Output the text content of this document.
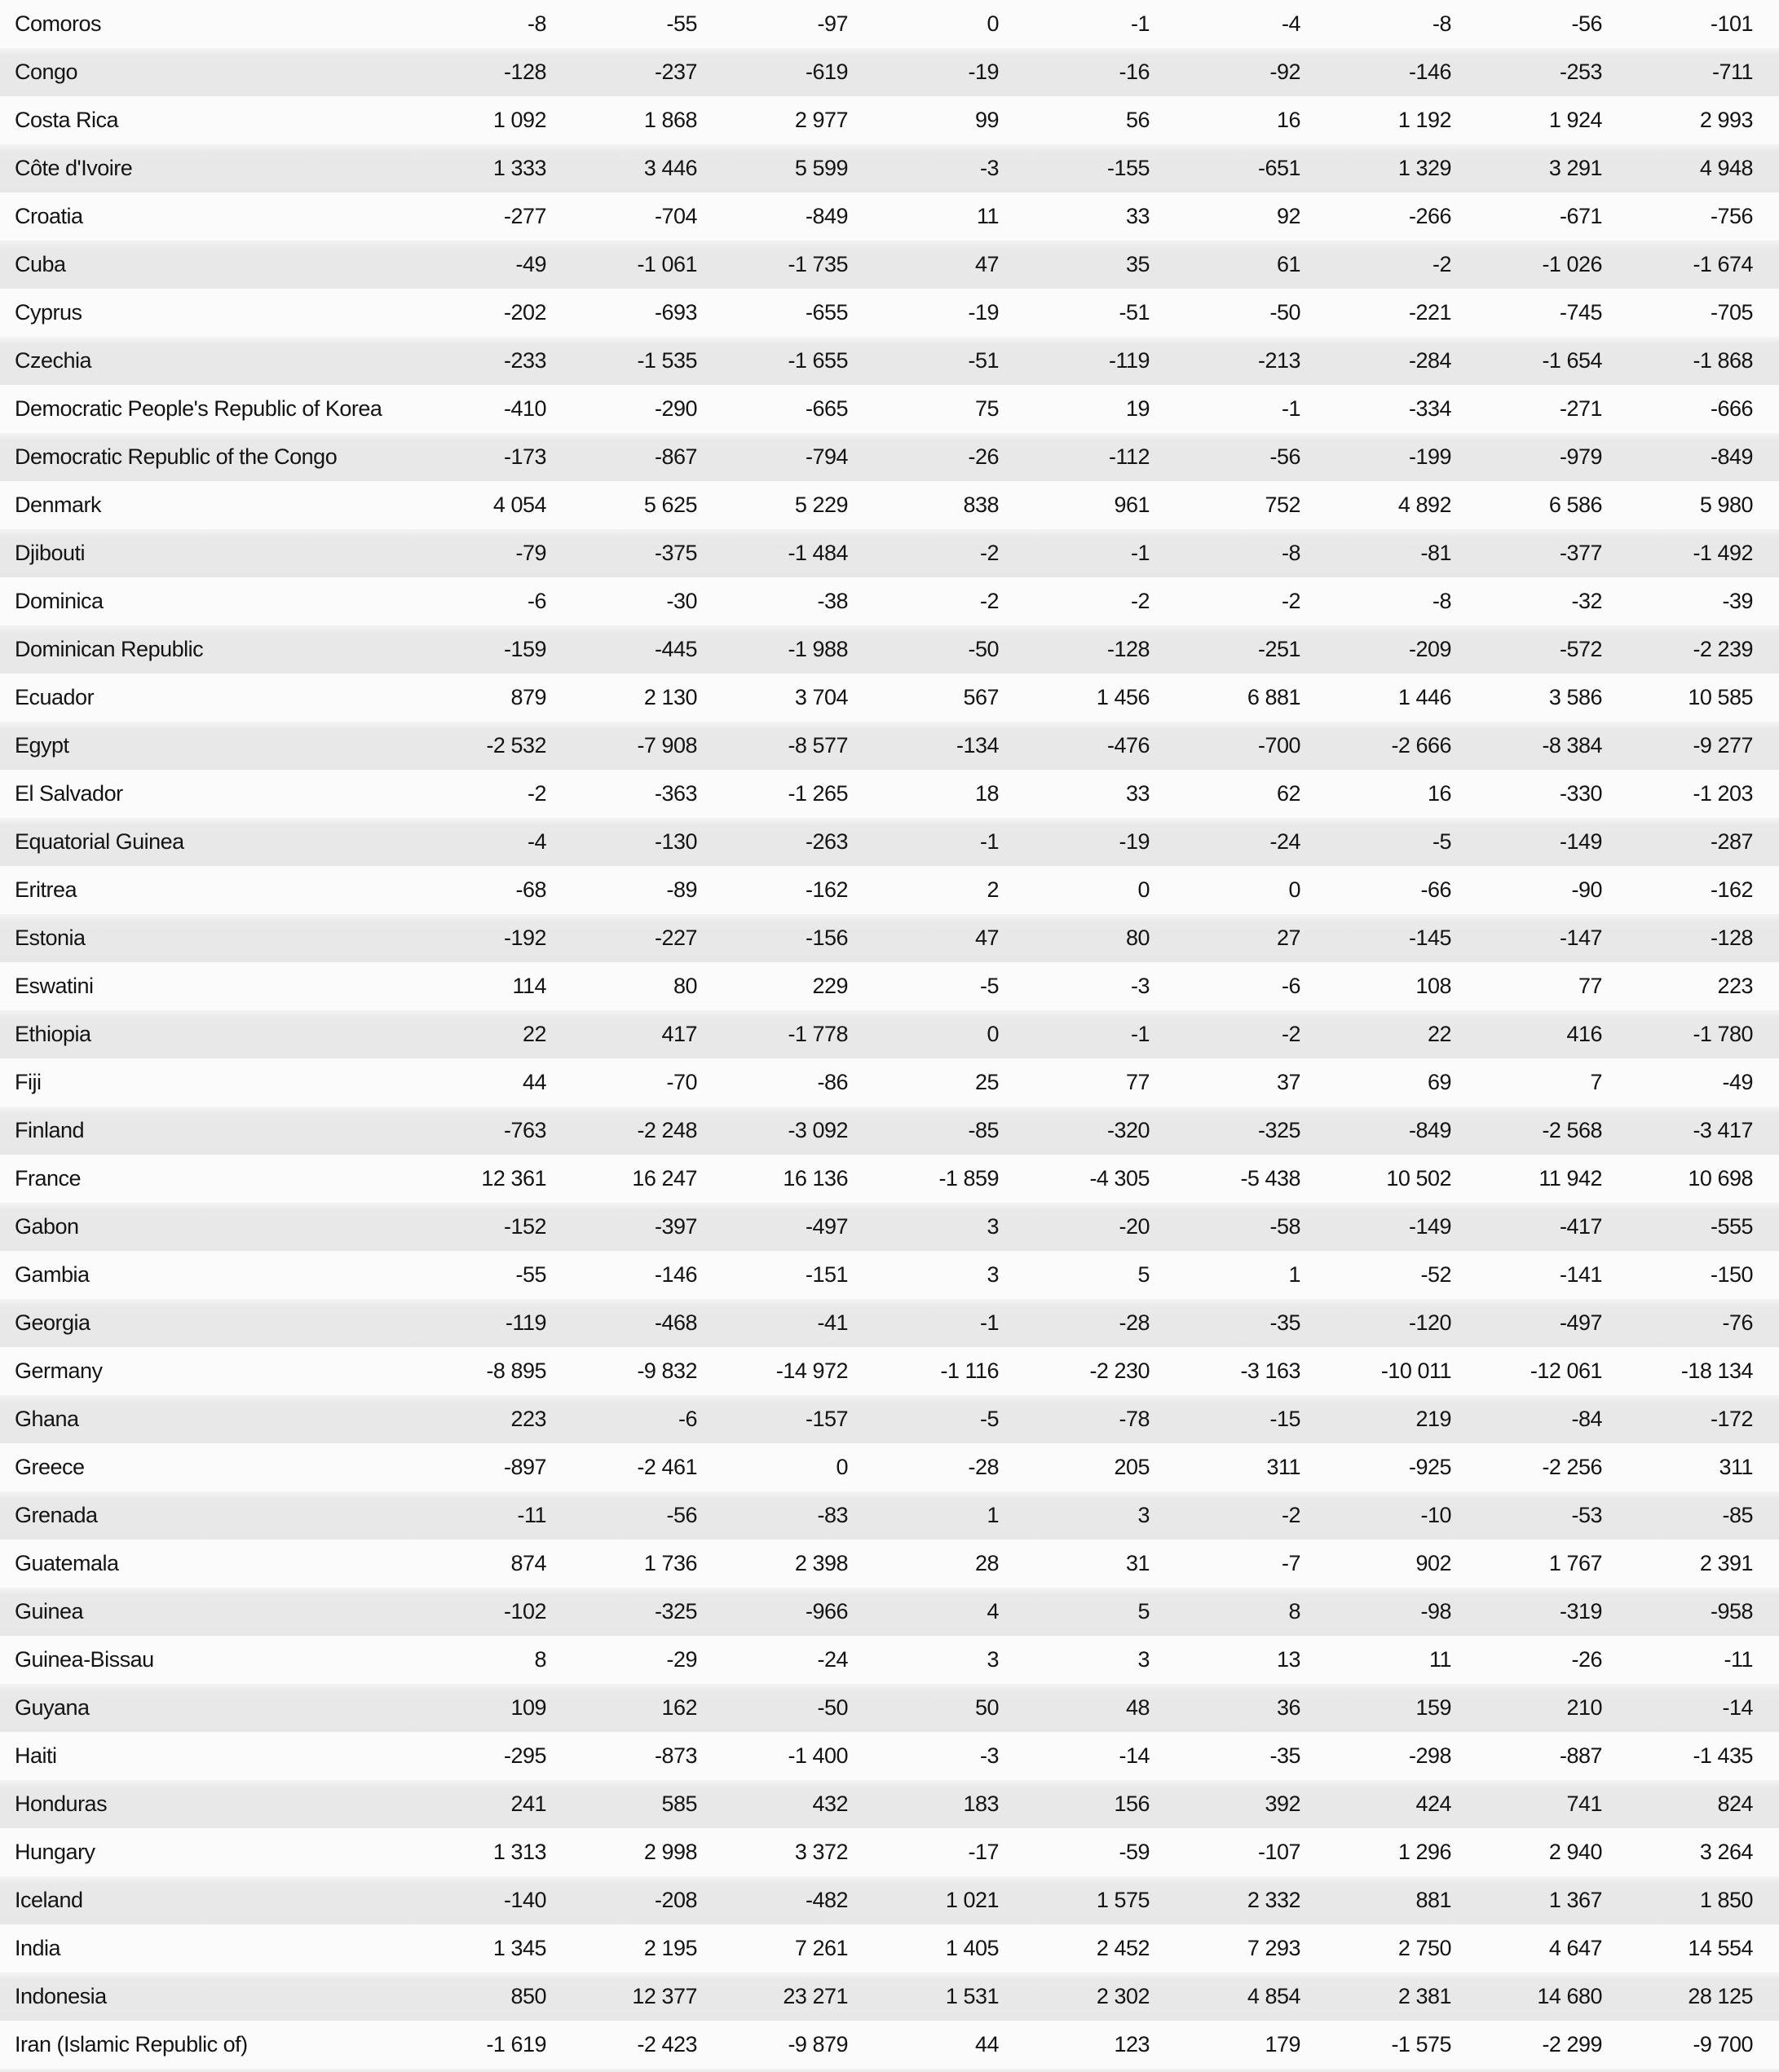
Comoros	-8	-55	-97	0	-1	-4	-8	-56	-101
Congo	-128	-237	-619	-19	-16	-92	-146	-253	-711
Costa Rica	1 092	1 868	2 977	99	56	16	1 192	1 924	2 993
Côte d'Ivoire	1 333	3 446	5 599	-3	-155	-651	1 329	3 291	4 948
Croatia	-277	-704	-849	11	33	92	-266	-671	-756
Cuba	-49	-1 061	-1 735	47	35	61	-2	-1 026	-1 674
Cyprus	-202	-693	-655	-19	-51	-50	-221	-745	-705
Czechia	-233	-1 535	-1 655	-51	-119	-213	-284	-1 654	-1 868
Democratic People's Republic of Korea	-410	-290	-665	75	19	-1	-334	-271	-666
Democratic Republic of the Congo	-173	-867	-794	-26	-112	-56	-199	-979	-849
Denmark	4 054	5 625	5 229	838	961	752	4 892	6 586	5 980
Djibouti	-79	-375	-1 484	-2	-1	-8	-81	-377	-1 492
Dominica	-6	-30	-38	-2	-2	-2	-8	-32	-39
Dominican Republic	-159	-445	-1 988	-50	-128	-251	-209	-572	-2 239
Ecuador	879	2 130	3 704	567	1 456	6 881	1 446	3 586	10 585
Egypt	-2 532	-7 908	-8 577	-134	-476	-700	-2 666	-8 384	-9 277
El Salvador	-2	-363	-1 265	18	33	62	16	-330	-1 203
Equatorial Guinea	-4	-130	-263	-1	-19	-24	-5	-149	-287
Eritrea	-68	-89	-162	2	0	0	-66	-90	-162
Estonia	-192	-227	-156	47	80	27	-145	-147	-128
Eswatini	114	80	229	-5	-3	-6	108	77	223
Ethiopia	22	417	-1 778	0	-1	-2	22	416	-1 780
Fiji	44	-70	-86	25	77	37	69	7	-49
Finland	-763	-2 248	-3 092	-85	-320	-325	-849	-2 568	-3 417
France	12 361	16 247	16 136	-1 859	-4 305	-5 438	10 502	11 942	10 698
Gabon	-152	-397	-497	3	-20	-58	-149	-417	-555
Gambia	-55	-146	-151	3	5	1	-52	-141	-150
Georgia	-119	-468	-41	-1	-28	-35	-120	-497	-76
Germany	-8 895	-9 832	-14 972	-1 116	-2 230	-3 163	-10 011	-12 061	-18 134
Ghana	223	-6	-157	-5	-78	-15	219	-84	-172
Greece	-897	-2 461	0	-28	205	311	-925	-2 256	311
Grenada	-11	-56	-83	1	3	-2	-10	-53	-85
Guatemala	874	1 736	2 398	28	31	-7	902	1 767	2 391
Guinea	-102	-325	-966	4	5	8	-98	-319	-958
Guinea-Bissau	8	-29	-24	3	3	13	11	-26	-11
Guyana	109	162	-50	50	48	36	159	210	-14
Haiti	-295	-873	-1 400	-3	-14	-35	-298	-887	-1 435
Honduras	241	585	432	183	156	392	424	741	824
Hungary	1 313	2 998	3 372	-17	-59	-107	1 296	2 940	3 264
Iceland	-140	-208	-482	1 021	1 575	2 332	881	1 367	1 850
India	1 345	2 195	7 261	1 405	2 452	7 293	2 750	4 647	14 554
Indonesia	850	12 377	23 271	1 531	2 302	4 854	2 381	14 680	28 125
Iran (Islamic Republic of)	-1 619	-2 423	-9 879	44	123	179	-1 575	-2 299	-9 700
